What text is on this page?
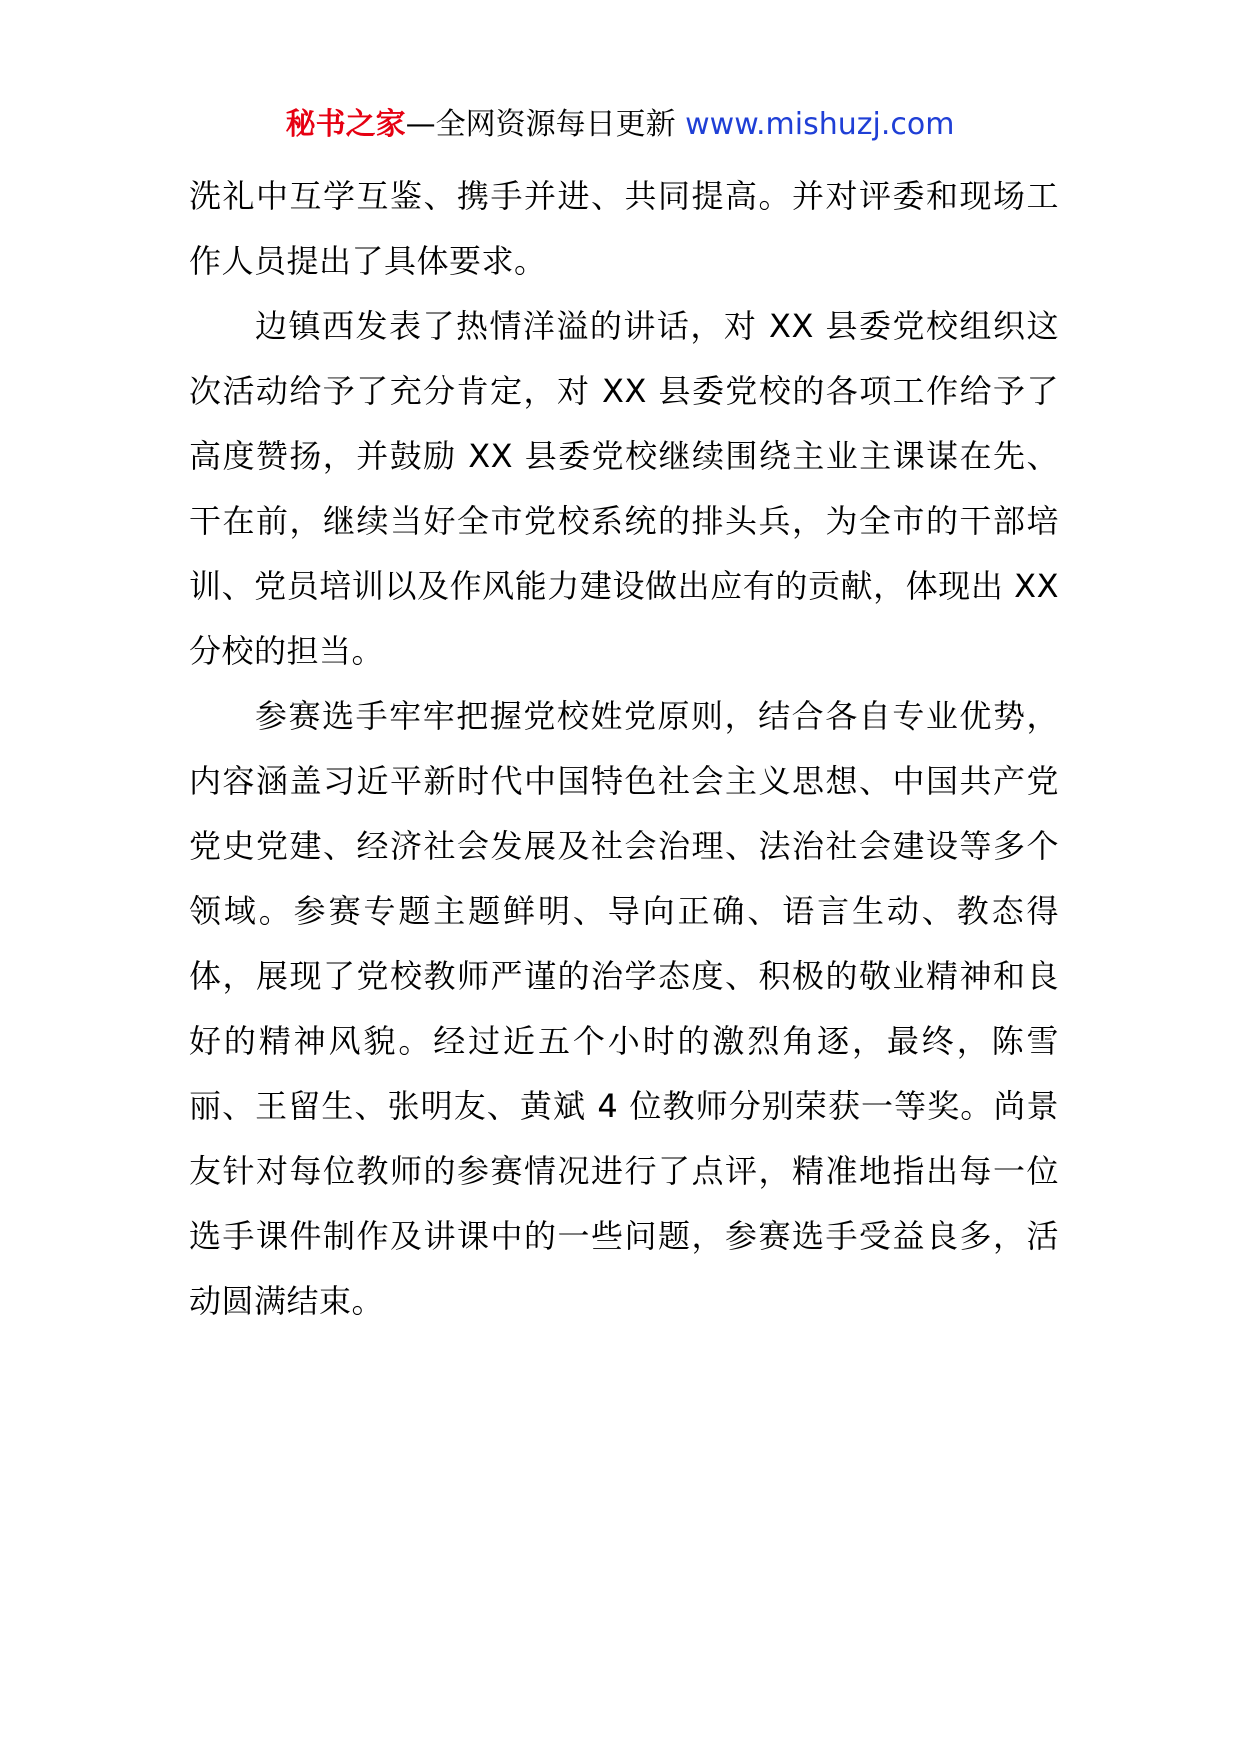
秘书之家—全网资源每日更新 www.mishuzj.com

洗礼中互学互鉴、携手并进、共同提高。并对评委和现场工作人员提出了具体要求。

边镇西发表了热情洋溢的讲话，对 XX 县委党校组织这次活动给予了充分肯定，对 XX 县委党校的各项工作给予了高度赞扬，并鼓励 XX 县委党校继续围绕主业主课谋在先、干在前，继续当好全市党校系统的排头兵，为全市的干部培训、党员培训以及作风能力建设做出应有的贡献，体现出 XX 分校的担当。

参赛选手牢牢把握党校姓党原则，结合各自专业优势，内容涵盖习近平新时代中国特色社会主义思想、中国共产党党史党建、经济社会发展及社会治理、法治社会建设等多个领域。参赛专题主题鲜明、导向正确、语言生动、教态得体，展现了党校教师严谨的治学态度、积极的敬业精神和良好的精神风貌。经过近五个小时的激烈角逐，最终，陈雪丽、王留生、张明友、黄斌 4 位教师分别荣获一等奖。尚景友针对每位教师的参赛情况进行了点评，精准地指出每一位选手课件制作及讲课中的一些问题，参赛选手受益良多，活动圆满结束。
